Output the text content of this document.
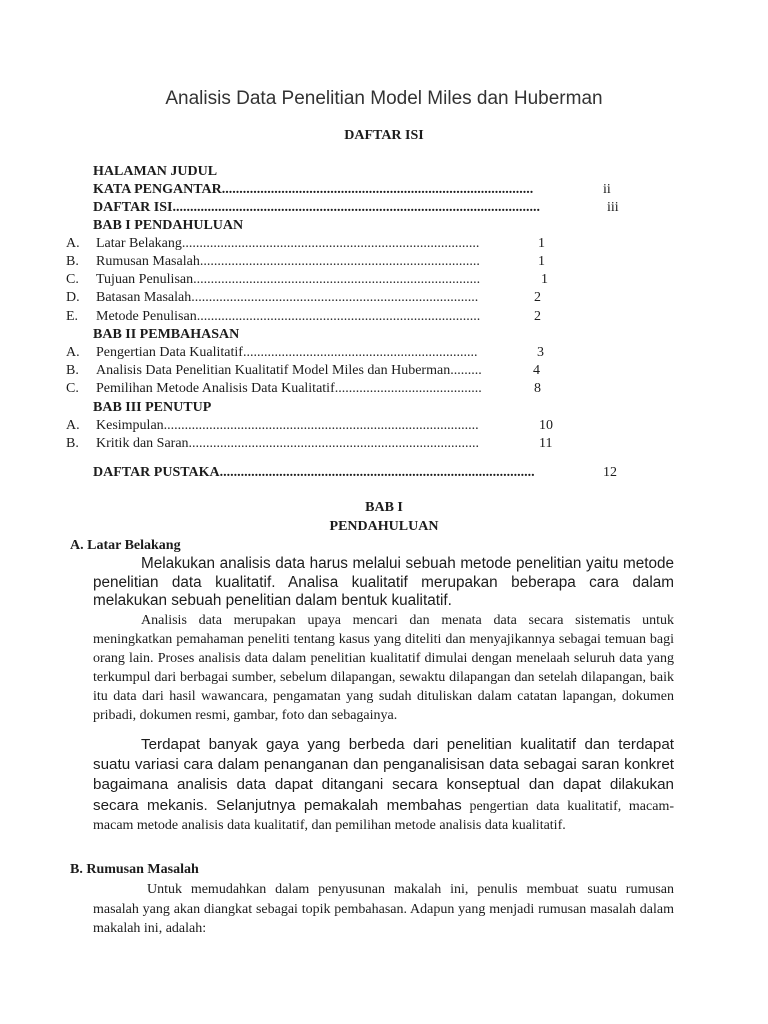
Analisis Data Penelitian Model Miles dan Huberman
DAFTAR ISI
HALAMAN JUDUL
KATA PENGANTAR.........................................................................................	ii
DAFTAR ISI.........................................................................................................	iii
BAB I PENDAHULUAN
A. Latar Belakang.....................................................................................	1
B. Rumusan Masalah................................................................................	1
C. Tujuan Penulisan..................................................................................	1
D. Batasan Masalah..................................................................................	2
E. Metode Penulisan.................................................................................	2
BAB II PEMBAHASAN
A. Pengertian Data Kualitatif...................................................................	3
B. Analisis Data Penelitian Kualitatif Model Miles dan Huberman.........	4
C. Pemilihan Metode Analisis Data Kualitatif..........................................	8
BAB III PENUTUP
A. Kesimpulan..........................................................................................	10
B. Kritik dan Saran...................................................................................	11
DAFTAR PUSTAKA..........................................................................................	12
BAB I
PENDAHULUAN
A. Latar Belakang
Melakukan analisis data harus melalui sebuah metode penelitian yaitu metode penelitian data kualitatif. Analisa kualitatif merupakan beberapa cara dalam melakukan sebuah penelitian dalam bentuk kualitatif.
Analisis data merupakan upaya mencari dan menata data secara sistematis untuk meningkatkan pemahaman peneliti tentang kasus yang diteliti dan menyajikannya sebagai temuan bagi orang lain. Proses analisis data dalam penelitian kualitatif dimulai dengan menelaah seluruh data yang terkumpul dari berbagai sumber, sebelum dilapangan, sewaktu dilapangan dan setelah dilapangan, baik itu data dari hasil wawancara, pengamatan yang sudah dituliskan dalam catatan lapangan, dokumen pribadi, dokumen resmi, gambar, foto dan sebagainya.
Terdapat banyak gaya yang berbeda dari penelitian kualitatif dan terdapat suatu variasi cara dalam penanganan dan penganalisisan data sebagai saran konkret bagaimana analisis data dapat ditangani secara konseptual dan dapat dilakukan secara mekanis. Selanjutnya pemakalah membahas pengertian data kualitatif, macam-macam metode analisis data kualitatif, dan pemilihan metode analisis data kualitatif.
B. Rumusan Masalah
Untuk memudahkan dalam penyusunan makalah ini, penulis membuat suatu rumusan masalah yang akan diangkat sebagai topik pembahasan. Adapun yang menjadi rumusan masalah dalam makalah ini, adalah:
